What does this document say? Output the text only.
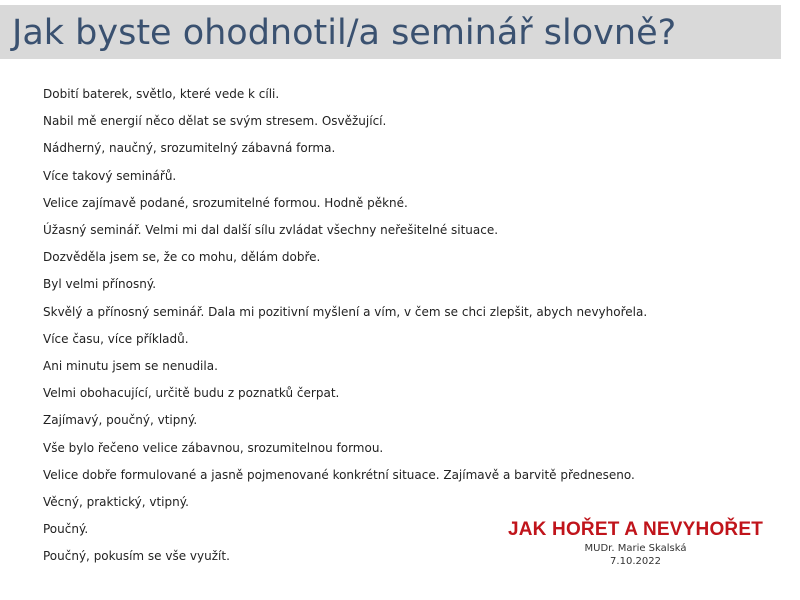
Jak byste ohodnotil/a seminář slovně?
Dobití baterek, světlo, které vede k cíli.
Nabil mě energií něco dělat se svým stresem. Osvěžující.
Nádherný, naučný, srozumitelný zábavná forma.
Více takový seminářů.
Velice zajímavě podané, srozumitelné formou. Hodně pěkné.
Úžasný seminář. Velmi mi dal další sílu zvládat všechny neřešitelné situace.
Dozvěděla jsem se, že co mohu, dělám dobře.
Byl velmi přínosný.
Skvělý a přínosný seminář. Dala mi pozitivní myšlení a vím, v čem se chci zlepšit, abych nevyhořela.
Více času, více příkladů.
Ani minutu jsem se nenudila.
Velmi obohacující, určitě budu z poznatků čerpat.
Zajímavý, poučný, vtipný.
Vše bylo řečeno velice zábavnou, srozumitelnou formou.
Velice dobře formulované a jasně pojmenované konkrétní situace. Zajímavě a barvitě předneseno.
Věcný, praktický, vtipný.
Poučný.
Poučný, pokusím se vše využít.
JAK HOŘET A NEVYHOŘET
MUDr. Marie Skalská
7.10.2022
